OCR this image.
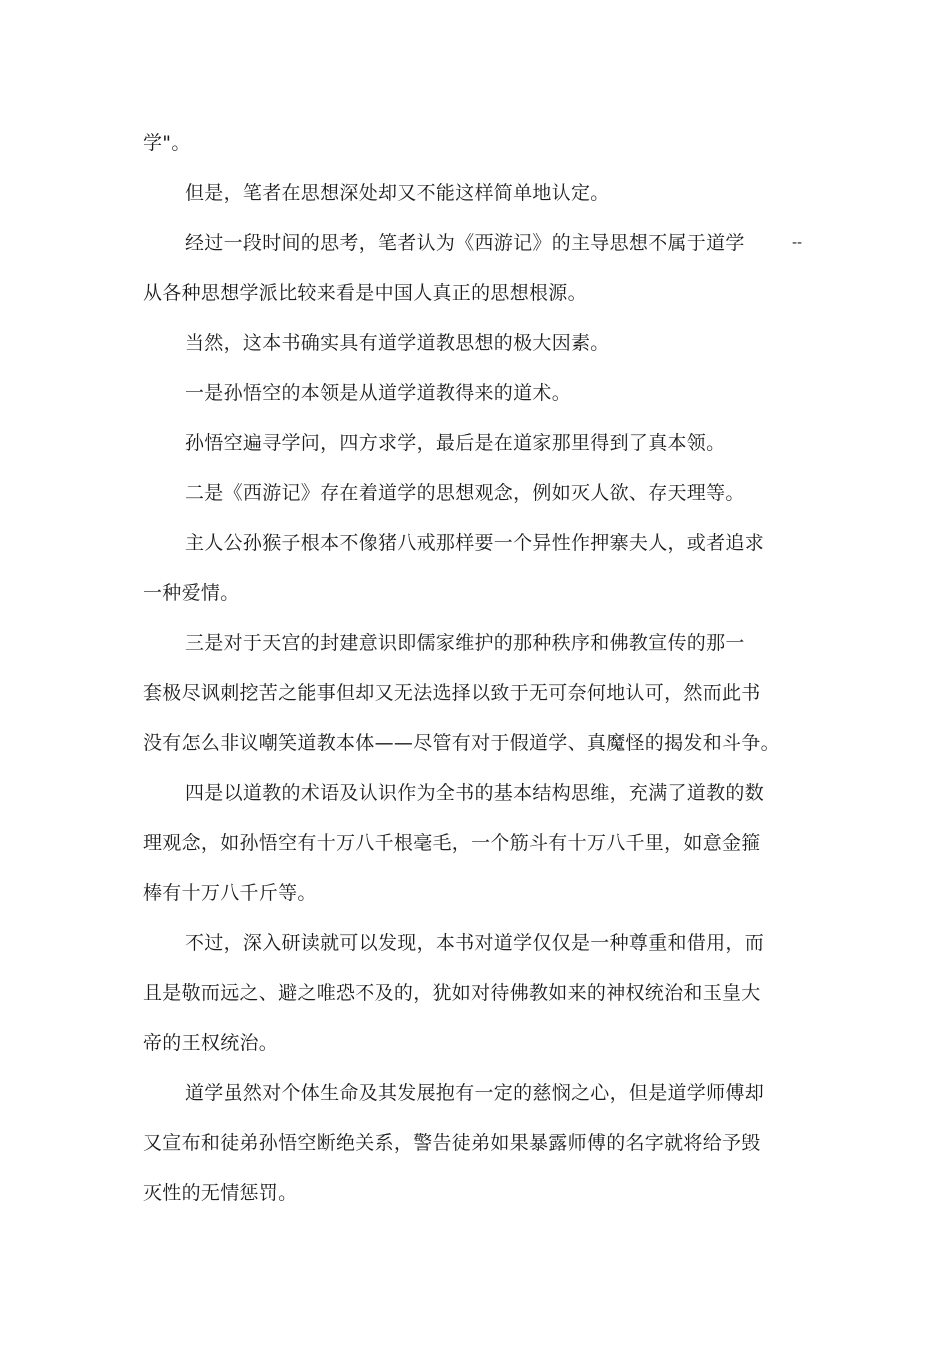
学"。
但是，笔者在思想深处却又不能这样简单地认定。
经过一段时间的思考，笔者认为《西游记》的主导思想不属于道学	--
从各种思想学派比较来看是中国人真正的思想根源。
当然，这本书确实具有道学道教思想的极大因素。
一是孙悟空的本领是从道学道教得来的道术。
孙悟空遍寻学问，四方求学，最后是在道家那里得到了真本领。
二是《西游记》存在着道学的思想观念，例如灭人欲、存天理等。
主人公孙猴子根本不像猪八戒那样要一个异性作押寨夫人，或者追求
一种爱情。
三是对于天宫的封建意识即儒家维护的那种秩序和佛教宣传的那一
套极尽讽刺挖苦之能事但却又无法选择以致于无可奈何地认可，然而此书
没有怎么非议嘲笑道教本体——尽管有对于假道学、真魔怪的揭发和斗争。
四是以道教的术语及认识作为全书的基本结构思维，充满了道教的数
理观念，如孙悟空有十万八千根毫毛，一个筋斗有十万八千里，如意金箍
棒有十万八千斤等。
不过，深入研读就可以发现，本书对道学仅仅是一种尊重和借用，而
且是敬而远之、避之唯恐不及的，犹如对待佛教如来的神权统治和玉皇大
帝的王权统治。
道学虽然对个体生命及其发展抱有一定的慈悯之心，但是道学师傅却
又宣布和徒弟孙悟空断绝关系，警告徒弟如果暴露师傅的名字就将给予毁
灭性的无情惩罚。
